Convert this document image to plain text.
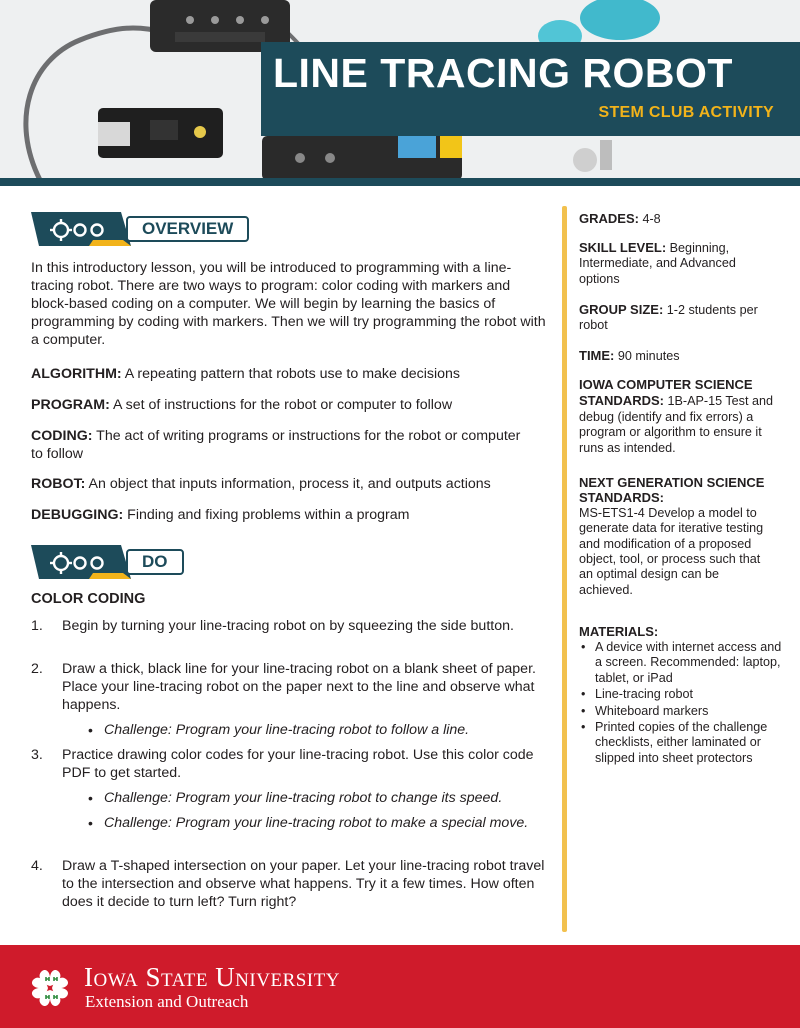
LINE TRACING ROBOT
STEM CLUB ACTIVITY
OVERVIEW
In this introductory lesson, you will be introduced to programming with a line-tracing robot. There are two ways to program: color coding with markers and block-based coding on a computer. We will begin by learning the basics of programming by coding with markers. Then we will try programming the robot with a computer.
ALGORITHM: A repeating pattern that robots use to make decisions
PROGRAM: A set of instructions for the robot or computer to follow
CODING: The act of writing programs or instructions for the robot or computer to follow
ROBOT: An object that inputs information, process it, and outputs actions
DEBUGGING: Finding and fixing problems within a program
DO
COLOR CODING
1.	Begin by turning your line-tracing robot on by squeezing the side button.
2.	Draw a thick, black line for your line-tracing robot on a blank sheet of paper. Place your line-tracing robot on the paper next to the line and observe what happens.
• Challenge: Program your line-tracing robot to follow a line.
3.	Practice drawing color codes for your line-tracing robot. Use this color code PDF to get started.
• Challenge: Program your line-tracing robot to change its speed.
• Challenge: Program your line-tracing robot to make a special move.
4.	Draw a T-shaped intersection on your paper. Let your line-tracing robot travel to the intersection and observe what happens. Try it a few times. How often does it decide to turn left? Turn right?
GRADES: 4-8
SKILL LEVEL: Beginning, Intermediate, and Advanced options
GROUP SIZE: 1-2 students per robot
TIME: 90 minutes
IOWA COMPUTER SCIENCE STANDARDS: 1B-AP-15 Test and debug (identify and fix errors) a program or algorithm to ensure it runs as intended.
NEXT GENERATION SCIENCE STANDARDS:
MS-ETS1-4 Develop a model to generate data for iterative testing and modification of a proposed object, tool, or process such that an optimal design can be achieved.
MATERIALS:
• A device with internet access and a screen. Recommended: laptop, tablet, or iPad
• Line-tracing robot
• Whiteboard markers
• Printed copies of the challenge checklists, either laminated or slipped into sheet protectors
Iowa State University
Extension and Outreach
